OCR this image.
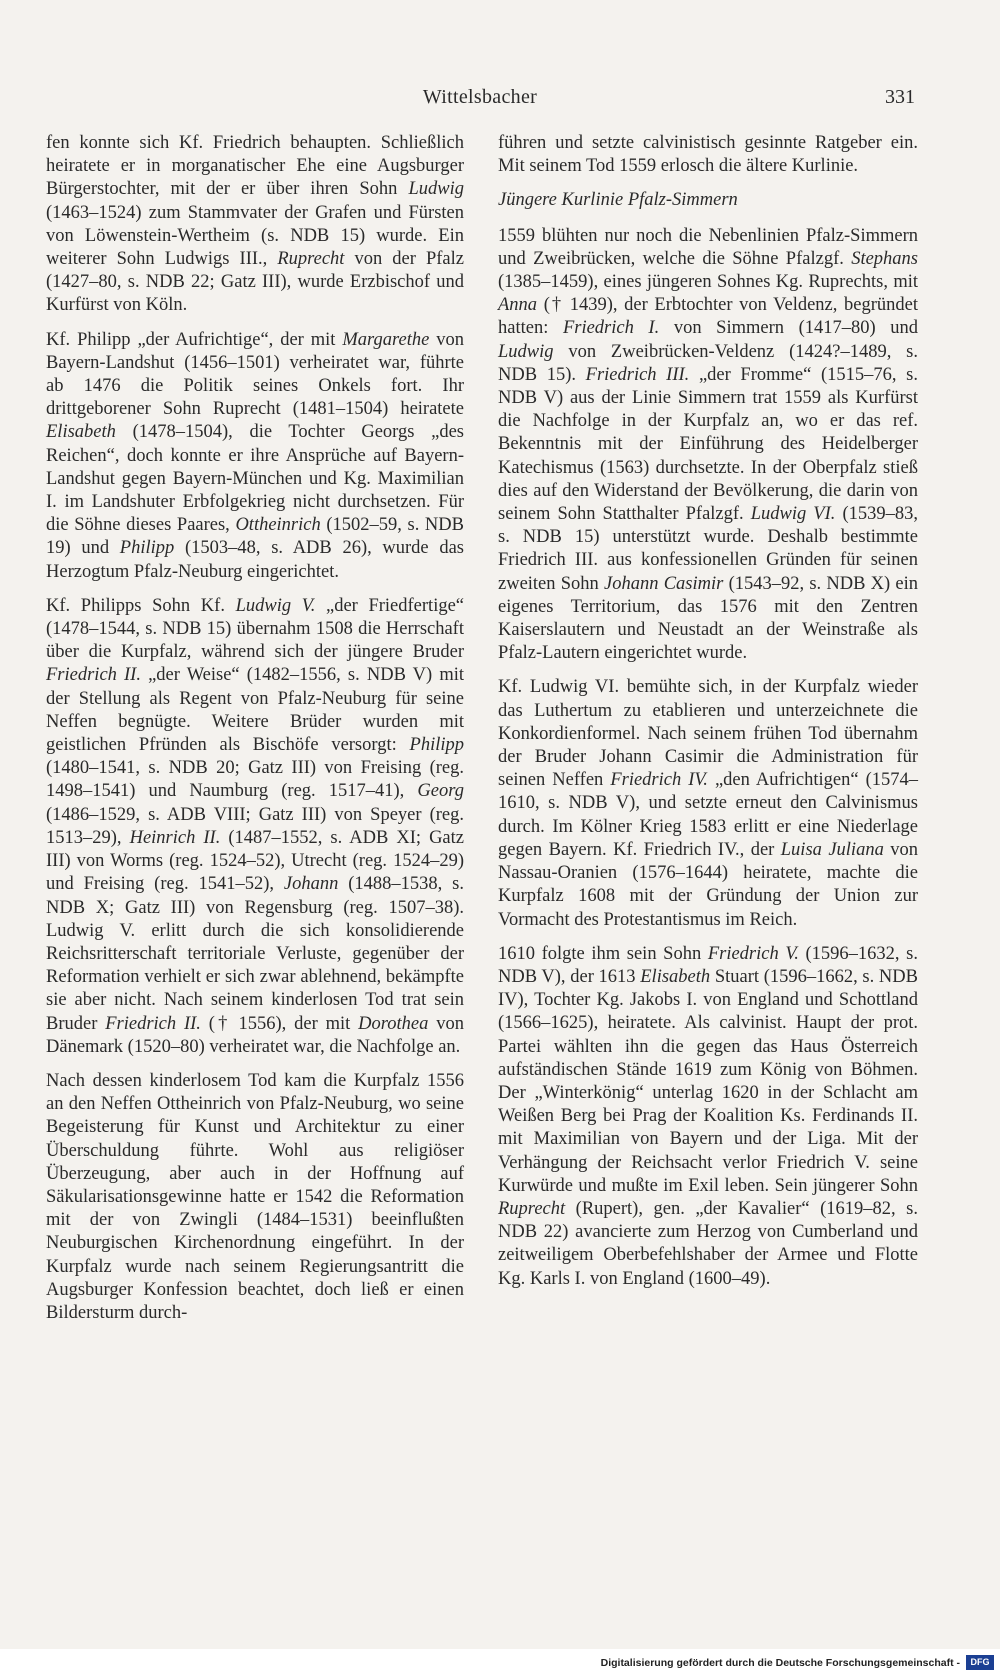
Wittelsbacher	331

fen konnte sich Kf. Friedrich behaupten. Schließlich heiratete er in morganatischer Ehe eine Augsburger Bürgerstochter, mit der er über ihren Sohn Ludwig (1463–1524) zum Stammvater der Grafen und Fürsten von Löwenstein-Wertheim (s. NDB 15) wurde. Ein weiterer Sohn Ludwigs III., Ruprecht von der Pfalz (1427–80, s. NDB 22; Gatz III), wurde Erzbischof und Kurfürst von Köln.

Kf. Philipp „der Aufrichtige“, der mit Margarethe von Bayern-Landshut (1456–1501) verheiratet war, führte ab 1476 die Politik seines Onkels fort. Ihr drittgeborener Sohn Ruprecht (1481–1504) heiratete Elisabeth (1478–1504), die Tochter Georgs „des Reichen“, doch konnte er ihre Ansprüche auf Bayern-Landshut gegen Bayern-München und Kg. Maximilian I. im Landshuter Erbfolgekrieg nicht durchsetzen. Für die Söhne dieses Paares, Ottheinrich (1502–59, s. NDB 19) und Philipp (1503–48, s. ADB 26), wurde das Herzogtum Pfalz-Neuburg eingerichtet.

Kf. Philipps Sohn Kf. Ludwig V. „der Friedfertige“ (1478–1544, s. NDB 15) übernahm 1508 die Herrschaft über die Kurpfalz, während sich der jüngere Bruder Friedrich II. „der Weise“ (1482–1556, s. NDB V) mit der Stellung als Regent von Pfalz-Neuburg für seine Neffen begnügte. Weitere Brüder wurden mit geistlichen Pfründen als Bischöfe versorgt: Philipp (1480–1541, s. NDB 20; Gatz III) von Freising (reg. 1498–1541) und Naumburg (reg. 1517–41), Georg (1486–1529, s. ADB VIII; Gatz III) von Speyer (reg. 1513–29), Heinrich II. (1487–1552, s. ADB XI; Gatz III) von Worms (reg. 1524–52), Utrecht (reg. 1524–29) und Freising (reg. 1541–52), Johann (1488–1538, s. NDB X; Gatz III) von Regensburg (reg. 1507–38). Ludwig V. erlitt durch die sich konsolidierende Reichsritterschaft territoriale Verluste, gegenüber der Reformation verhielt er sich zwar ablehnend, bekämpfte sie aber nicht. Nach seinem kinderlosen Tod trat sein Bruder Friedrich II. († 1556), der mit Dorothea von Dänemark (1520–80) verheiratet war, die Nachfolge an.

Nach dessen kinderlosem Tod kam die Kurpfalz 1556 an den Neffen Ottheinrich von Pfalz-Neuburg, wo seine Begeisterung für Kunst und Architektur zu einer Überschuldung führte. Wohl aus religiöser Überzeugung, aber auch in der Hoffnung auf Säkularisationsgewinne hatte er 1542 die Reformation mit der von Zwingli (1484–1531) beeinflußten Neuburgischen Kirchenordnung eingeführt. In der Kurpfalz wurde nach seinem Regierungsantritt die Augsburger Konfession beachtet, doch ließ er einen Bildersturm durch-

führen und setzte calvinistisch gesinnte Ratgeber ein. Mit seinem Tod 1559 erlosch die ältere Kurlinie.

Jüngere Kurlinie Pfalz-Simmern

1559 blühten nur noch die Nebenlinien Pfalz-Simmern und Zweibrücken, welche die Söhne Pfalzgf. Stephans (1385–1459), eines jüngeren Sohnes Kg. Ruprechts, mit Anna († 1439), der Erbtochter von Veldenz, begründet hatten: Friedrich I. von Simmern (1417–80) und Ludwig von Zweibrücken-Veldenz (1424?–1489, s. NDB 15). Friedrich III. „der Fromme“ (1515–76, s. NDB V) aus der Linie Simmern trat 1559 als Kurfürst die Nachfolge in der Kurpfalz an, wo er das ref. Bekenntnis mit der Einführung des Heidelberger Katechismus (1563) durchsetzte. In der Oberpfalz stieß dies auf den Widerstand der Bevölkerung, die darin von seinem Sohn Statthalter Pfalzgf. Ludwig VI. (1539–83, s. NDB 15) unterstützt wurde. Deshalb bestimmte Friedrich III. aus konfessionellen Gründen für seinen zweiten Sohn Johann Casimir (1543–92, s. NDB X) ein eigenes Territorium, das 1576 mit den Zentren Kaiserslautern und Neustadt an der Weinstraße als Pfalz-Lautern eingerichtet wurde.

Kf. Ludwig VI. bemühte sich, in der Kurpfalz wieder das Luthertum zu etablieren und unterzeichnete die Konkordienformel. Nach seinem frühen Tod übernahm der Bruder Johann Casimir die Administration für seinen Neffen Friedrich IV. „den Aufrichtigen“ (1574–1610, s. NDB V), und setzte erneut den Calvinismus durch. Im Kölner Krieg 1583 erlitt er eine Niederlage gegen Bayern. Kf. Friedrich IV., der Luisa Juliana von Nassau-Oranien (1576–1644) heiratete, machte die Kurpfalz 1608 mit der Gründung der Union zur Vormacht des Protestantismus im Reich.

1610 folgte ihm sein Sohn Friedrich V. (1596–1632, s. NDB V), der 1613 Elisabeth Stuart (1596–1662, s. NDB IV), Tochter Kg. Jakobs I. von England und Schottland (1566–1625), heiratete. Als calvinist. Haupt der prot. Partei wählten ihn die gegen das Haus Österreich aufständischen Stände 1619 zum König von Böhmen. Der „Winterkönig“ unterlag 1620 in der Schlacht am Weißen Berg bei Prag der Koalition Ks. Ferdinands II. mit Maximilian von Bayern und der Liga. Mit der Verhängung der Reichsacht verlor Friedrich V. seine Kurwürde und mußte im Exil leben. Sein jüngerer Sohn Ruprecht (Rupert), gen. „der Kavalier“ (1619–82, s. NDB 22) avancierte zum Herzog von Cumberland und zeitweiligem Oberbefehlshaber der Armee und Flotte Kg. Karls I. von England (1600–49).

Digitalisierung gefördert durch die Deutsche Forschungsgemeinschaft -	DFG
